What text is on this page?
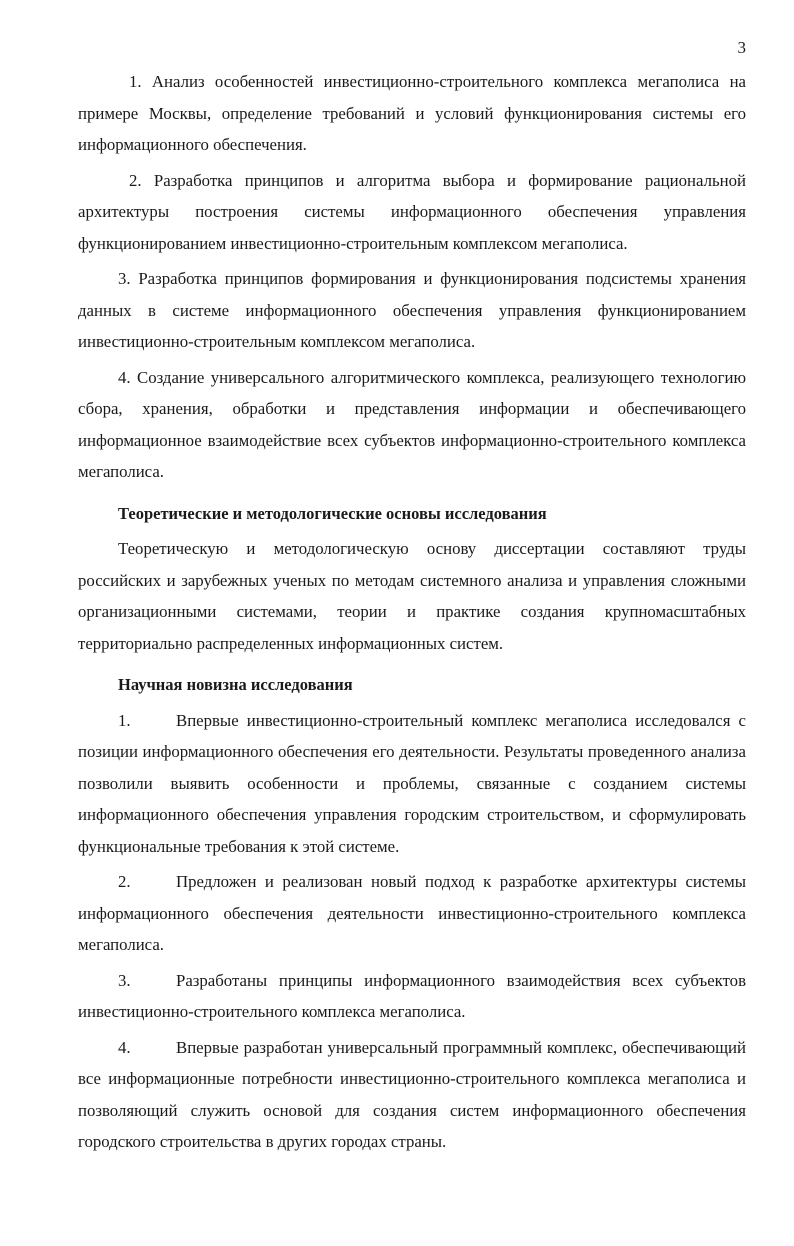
3

1. Анализ особенностей инвестиционно-строительного комплекса мегаполиса на примере Москвы, определение требований и условий функционирования системы его информационного обеспечения.

2. Разработка принципов и алгоритма выбора и формирование рациональной архитектуры построения системы информационного обеспечения управления функционированием инвестиционно-строительным комплексом мегаполиса.

3. Разработка принципов формирования и функционирования подсистемы хранения данных в системе информационного обеспечения управления функционированием инвестиционно-строительным комплексом мегаполиса.

4. Создание универсального алгоритмического комплекса, реализующего технологию сбора, хранения, обработки и представления информации и обеспечивающего информационное взаимодействие всех субъектов информационно-строительного комплекса мегаполиса.

Теоретические и методологические основы исследования

Теоретическую и методологическую основу диссертации составляют труды российских и зарубежных ученых по методам системного анализа и управления сложными организационными системами, теории и практике создания крупномасштабных территориально распределенных информационных систем.

Научная новизна исследования

1.	Впервые инвестиционно-строительный комплекс мегаполиса исследовался с позиции информационного обеспечения его деятельности. Результаты проведенного анализа позволили выявить особенности и проблемы, связанные с созданием системы информационного обеспечения управления городским строительством, и сформулировать функциональные требования к этой системе.

2.	Предложен и реализован новый подход к разработке архитектуры системы информационного обеспечения деятельности инвестиционно-строительного комплекса мегаполиса.

3.	Разработаны принципы информационного взаимодействия всех субъектов инвестиционно-строительного комплекса мегаполиса.

4.	Впервые разработан универсальный программный комплекс, обеспечивающий все информационные потребности инвестиционно-строительного комплекса мегаполиса и позволяющий служить основой для создания систем информационного обеспечения городского строительства в других городах страны.
